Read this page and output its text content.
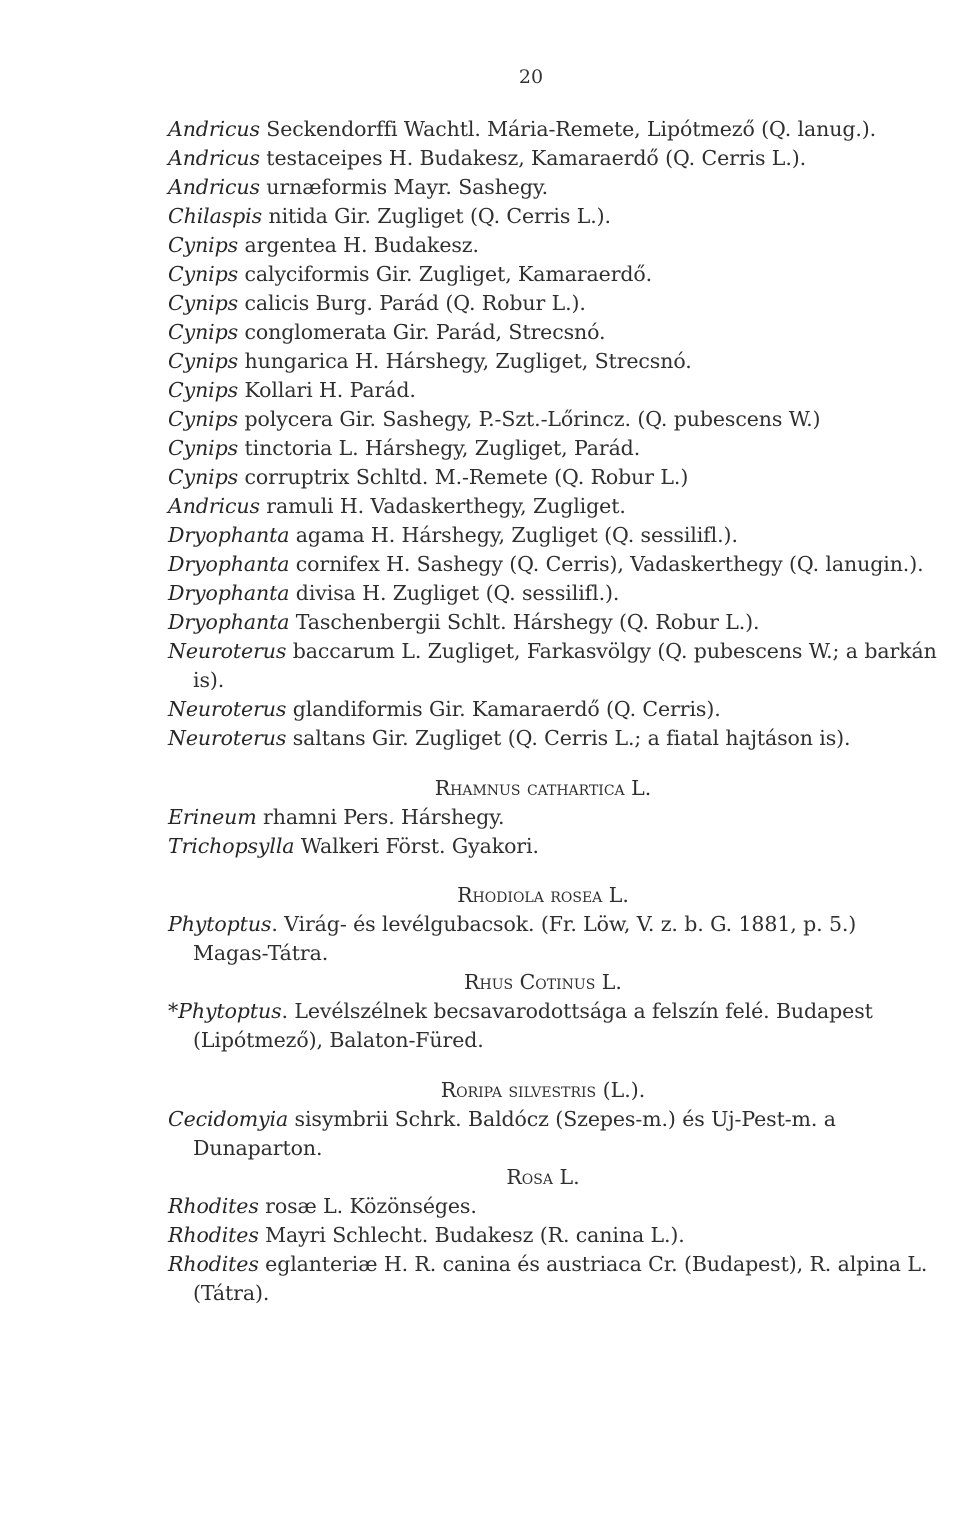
20
Andricus Seckendorffi Wachtl. Mária-Remete, Lipótmező (Q. lanug.).
Andricus testaceipes H. Budakesz, Kamaraerdő (Q. Cerris L.).
Andricus urnæformis Mayr. Sashegy.
Chilaspis nitida Gir. Zugliget (Q. Cerris L.).
Cynips argentea H. Budakesz.
Cynips calyciformis Gir. Zugliget, Kamaraerdő.
Cynips calicis Burg. Parád (Q. Robur L.).
Cynips conglomerata Gir. Parád, Strecsnó.
Cynips hungarica H. Hárshegy, Zugliget, Strecsnó.
Cynips Kollari H. Parád.
Cynips polycera Gir. Sashegy, P.-Szt.-Lőrincz. (Q. pubescens W.)
Cynips tinctoria L. Hárshegy, Zugliget, Parád.
Cynips corruptrix Schltd. M.-Remete (Q. Robur L.)
Andricus ramuli H. Vadaskerthegy, Zugliget.
Dryophanta agama H. Hárshegy, Zugliget (Q. sessilifl.).
Dryophanta cornifex H. Sashegy (Q. Cerris), Vadaskerthegy (Q. lanugin.).
Dryophanta divisa H. Zugliget (Q. sessilifl.).
Dryophanta Taschenbergii Schlt. Hárshegy (Q. Robur L.).
Neuroterus baccarum L. Zugliget, Farkasvölgy (Q. pubescens W.; a barkán is).
Neuroterus glandiformis Gir. Kamaraerdő (Q. Cerris).
Neuroterus saltans Gir. Zugliget (Q. Cerris L.; a fiatal hajtáson is).
Rhamnus cathartica L.
Erineum rhamni Pers. Hárshegy.
Trichopsylla Walkeri Först. Gyakori.
Rhodiola rosea L.
Phytoptus. Virág- és levélgubacsok. (Fr. Löw, V. z. b. G. 1881, p. 5.) Magas-Tátra.
Rhus Cotinus L.
*Phytoptus. Levélszélnek becsavarodottsága a felszín felé. Budapest (Lipótmező), Balaton-Füred.
Roripa silvestris (L.).
Cecidomyia sisymbrii Schrk. Baldócz (Szepes-m.) és Uj-Pest-m. a Dunaparton.
Rosa L.
Rhodites rosæ L. Közönséges.
Rhodites Mayri Schlecht. Budakesz (R. canina L.).
Rhodites eglanteriæ H. R. canina és austriaca Cr. (Budapest), R. alpina L. (Tátra).
